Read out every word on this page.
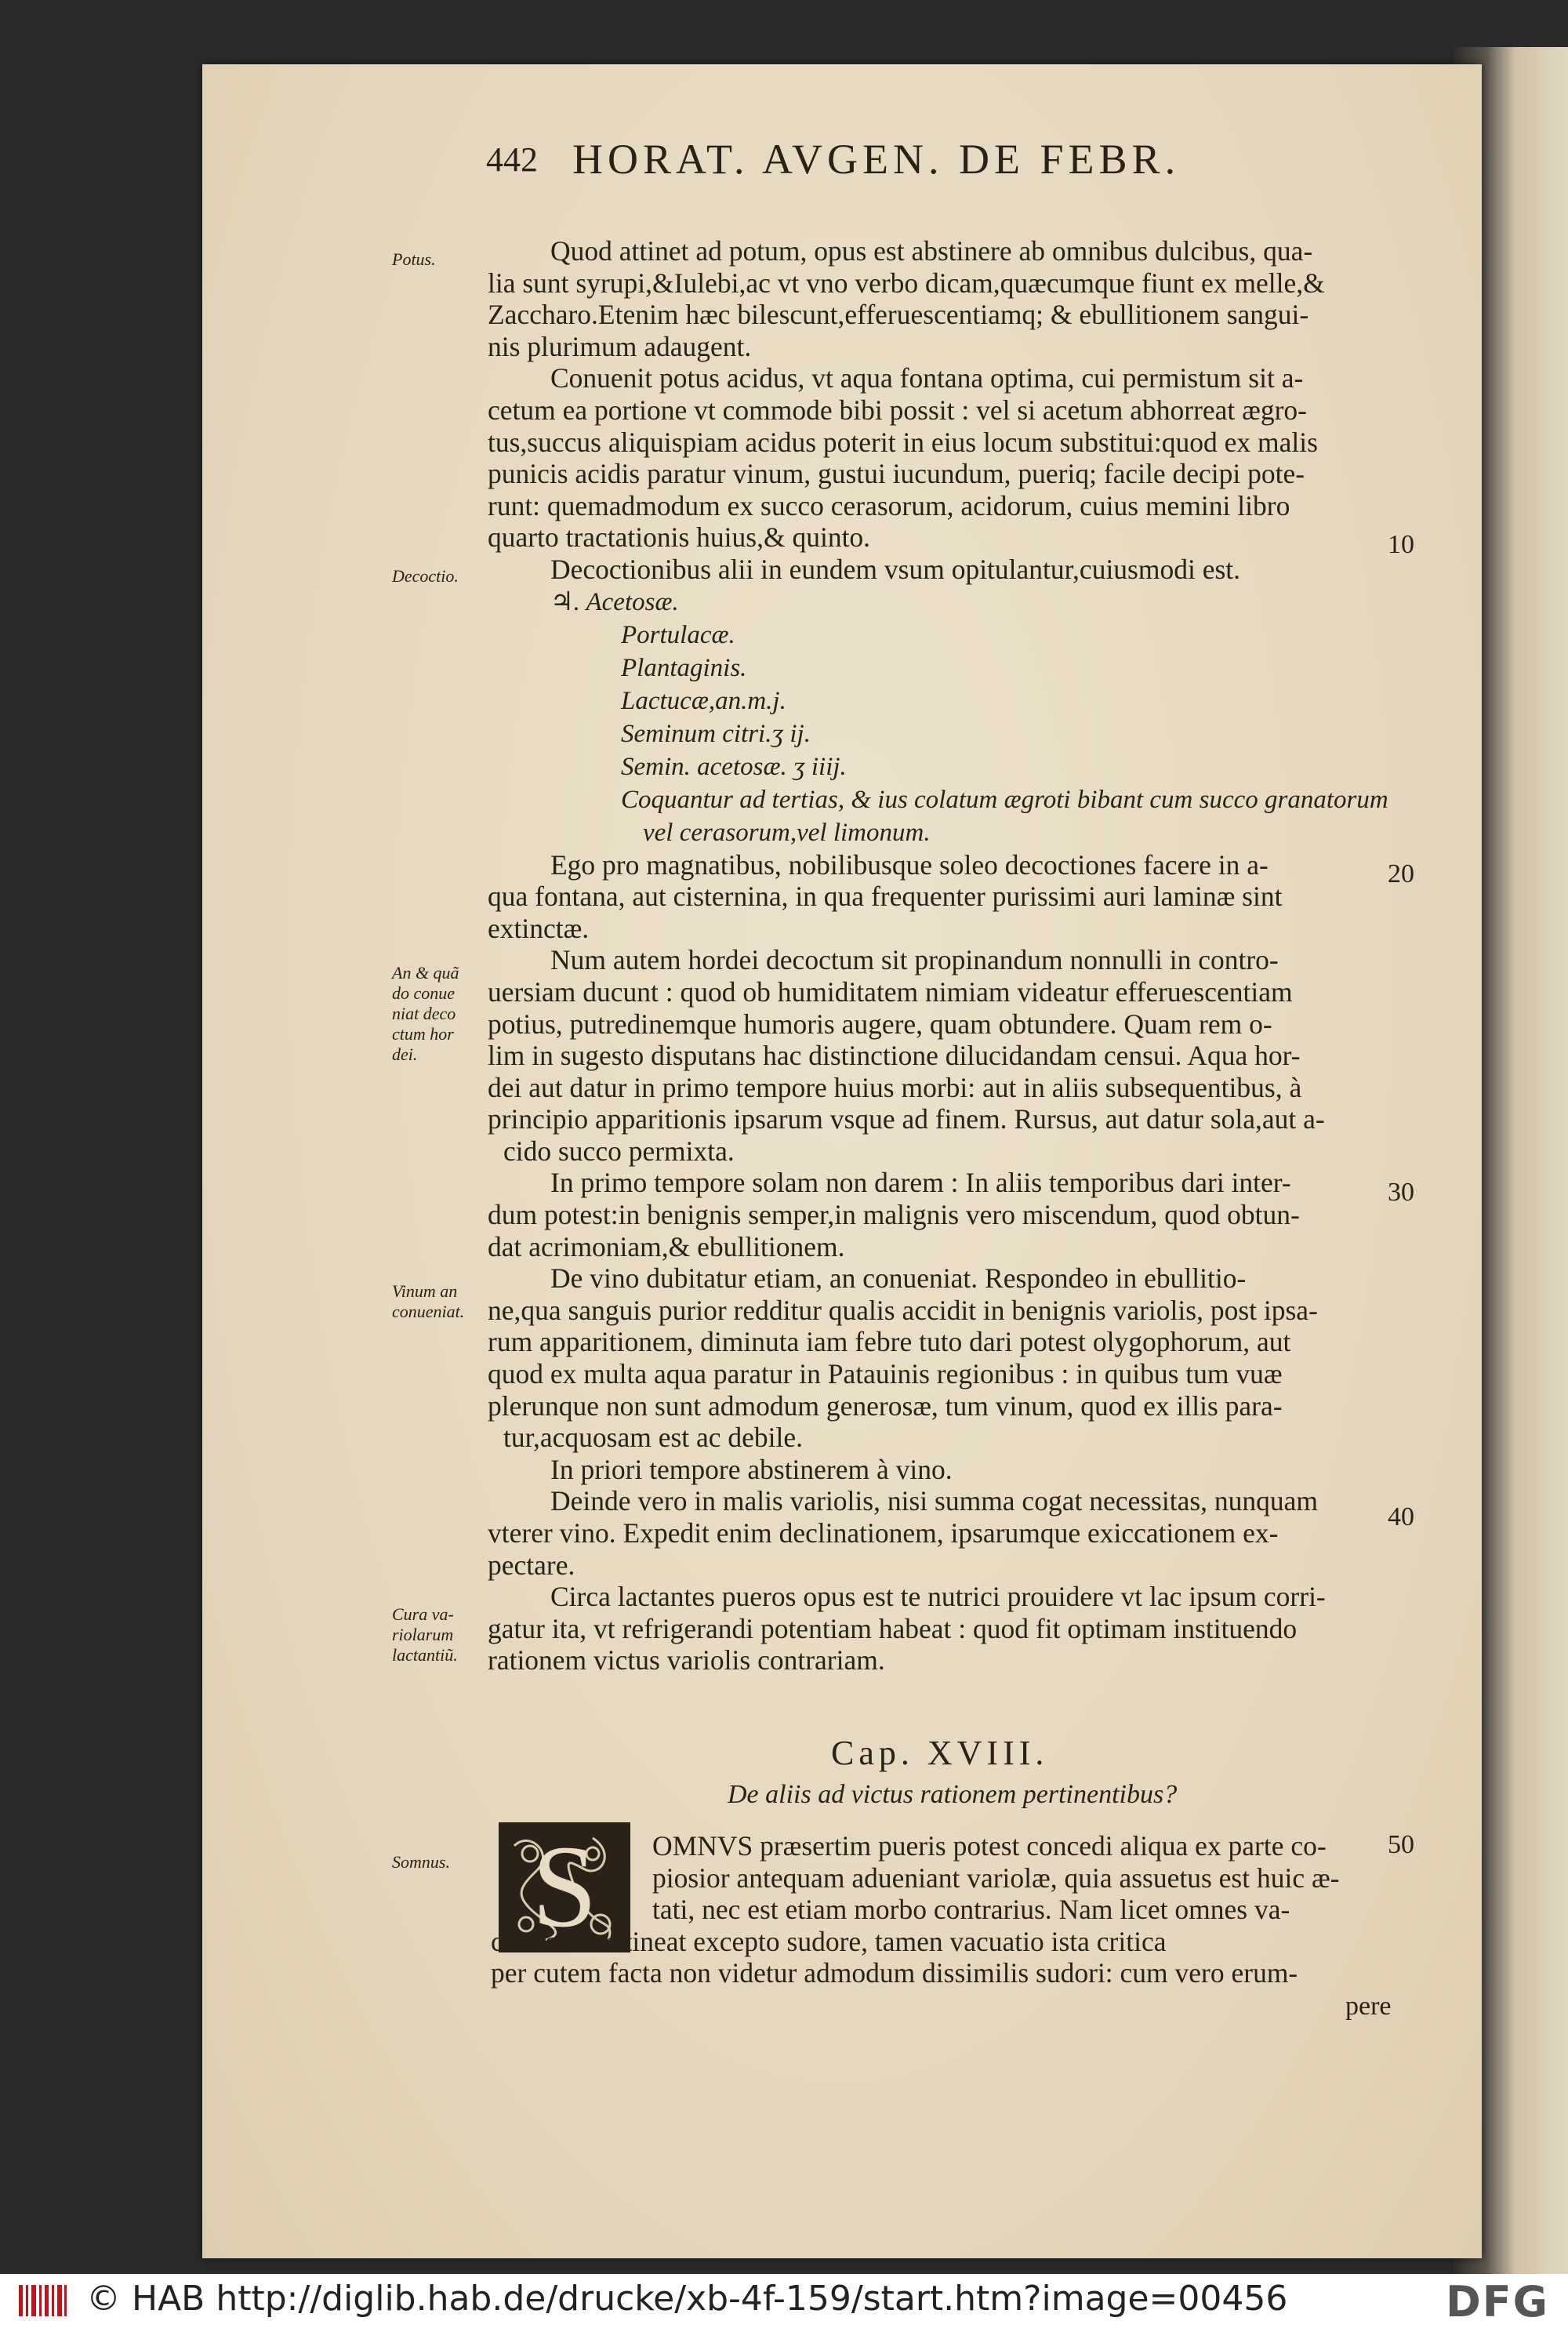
442 HORAT. AVGEN. DE FEBR.
Potus.
Decoctio.
An & quã do conue niat deco ctum hor dei.
Vinum an conueniat.
Cura va- riolarum lactantiũ.
Somnus.
10
20
30
40
50

Quod attinet ad potum, opus est abstinere ab omnibus dulcibus, qua-
lia sunt syrupi,&Iulebi,ac vt vno verbo dicam,quæcumque fiunt ex melle,&
Zaccharo.Etenim hæc bilescunt,efferuescentiamq; & ebullitionem sangui-
nis plurimum adaugent.

Conuenit potus acidus, vt aqua fontana optima, cui permistum sit a-
cetum ea portione vt commode bibi possit : vel si acetum abhorreat ægro-
tus,succus aliquispiam acidus poterit in eius locum substitui:quod ex malis
punicis acidis paratur vinum, gustui iucundum, pueriq; facile decipi pote-
runt: quemadmodum ex succo cerasorum, acidorum, cuius memini libro
quarto tractationis huius,& quinto.

Decoctionibus alii in eundem vsum opitulantur,cuiusmodi est.

♃. Acetosæ.
Portulacæ.
Plantaginis.
Lactucæ,an.m.j.
Seminum citri.ʒ ij.
Semin. acetosæ. ʒ iiij.
Coquantur ad tertias, & ius colatum ægroti bibant cum succo granatorum
vel cerasorum,vel limonum.

Ego pro magnatibus, nobilibusque soleo decoctiones facere in a-
qua fontana, aut cisternina, in qua frequenter purissimi auri laminæ sint
extinctæ.

Num autem hordei decoctum sit propinandum nonnulli in contro-
uersiam ducunt : quod ob humiditatem nimiam videatur efferuescentiam
potius, putredinemque humoris augere, quam obtundere. Quam rem o-
lim in sugesto disputans hac distinctione dilucidandam censui. Aqua hor-
dei aut datur in primo tempore huius morbi: aut in aliis subsequentibus, à
principio apparitionis ipsarum vsque ad finem. Rursus, aut datur sola,aut a-
cido succo permixta.

In primo tempore solam non darem : In aliis temporibus dari inter-
dum potest:in benignis semper,in malignis vero miscendum, quod obtun-
dat acrimoniam,& ebullitionem.

De vino dubitatur etiam, an conueniat. Respondeo in ebullitio-
ne,qua sanguis purior redditur qualis accidit in benignis variolis, post ipsa-
rum apparitionem, diminuta iam febre tuto dari potest olygophorum, aut
quod ex multa aqua paratur in Patauinis regionibus : in quibus tum vuæ
plerunque non sunt admodum generosæ, tum vinum, quod ex illis para-
tur,acquosam est ac debile.

In priori tempore abstinerem à vino.

Deinde vero in malis variolis, nisi summa cogat necessitas, nunquam
vterer vino. Expedit enim declinationem, ipsarumque exiccationem ex-
pectare.

Circa lactantes pueros opus est te nutrici prouidere vt lac ipsum corri-
gatur ita, vt refrigerandi potentiam habeat : quod fit optimam instituendo
rationem victus variolis contrariam.

Cap. XVIII.
De aliis ad victus rationem pertinentibus?
S	OMNVS præsertim pueris potest concedi aliqua ex parte co-
piosior antequam adueniant variolæ, quia assuetus est huic æ-
tati, nec est etiam morbo contrarius. Nam licet omnes va-
cuationes retineat excepto sudore, tamen vacuatio ista critica
per cutem facta non videtur admodum dissimilis sudori: cum vero erum-
pere
© HAB http://diglib.hab.de/drucke/xb-4f-159/start.htm?image=00456	DFG
